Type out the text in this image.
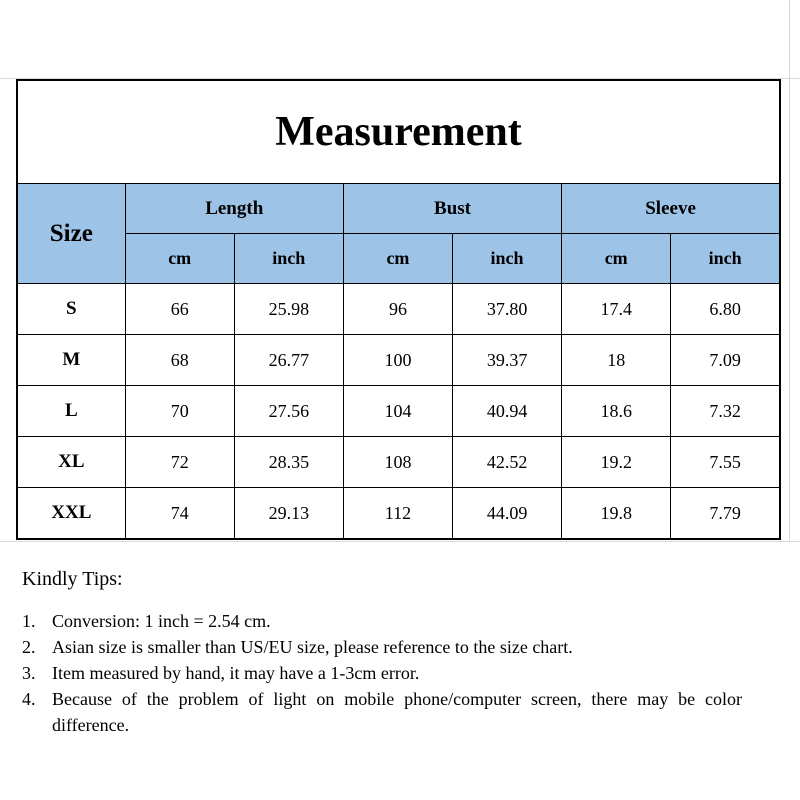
Measurement						
Size	Length		Bust		Sleeve	
	cm	inch	cm	inch	cm	inch
S	66	25.98	96	37.80	17.4	6.80
M	68	26.77	100	39.37	18	7.09
L	70	27.56	104	40.94	18.6	7.32
XL	72	28.35	108	42.52	19.2	7.55
XXL	74	29.13	112	44.09	19.8	7.79
Kindly Tips:
1. Conversion: 1 inch = 2.54 cm.
2. Asian size is smaller than US/EU size, please reference to the size chart.
3. Item measured by hand, it may have a 1-3cm error.
4. Because of the problem of light on mobile phone/computer screen, there may be color difference.
